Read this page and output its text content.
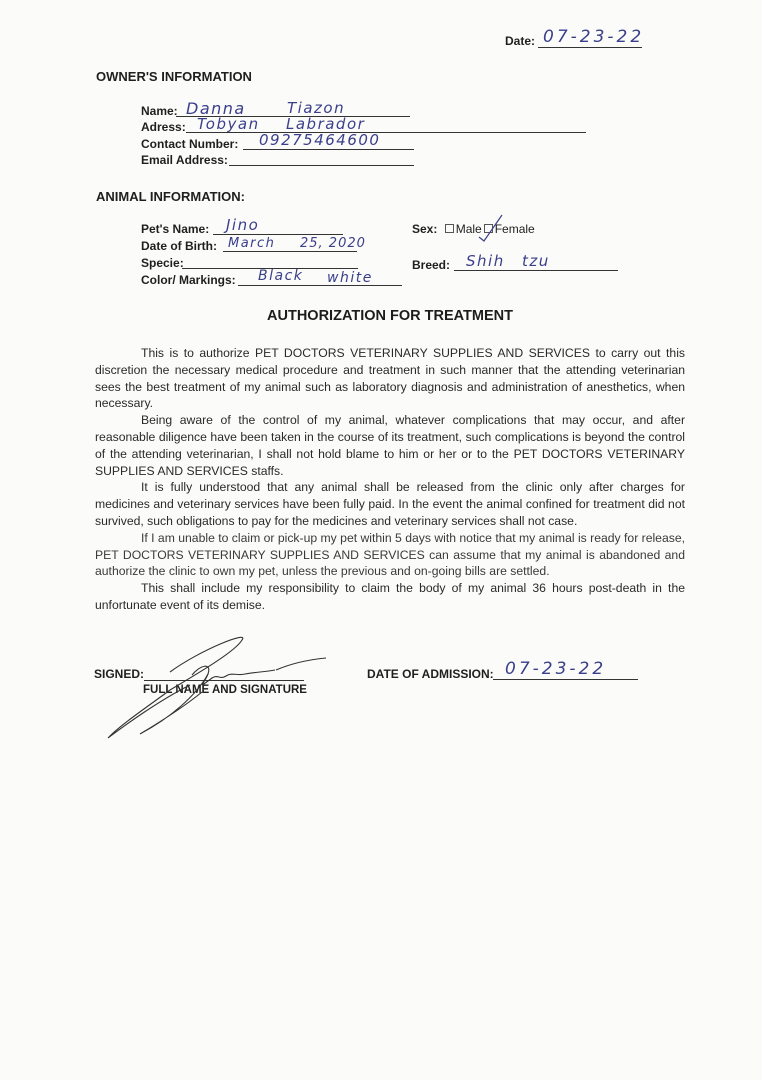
Date: 07-23-22
OWNER'S INFORMATION
Name: Danna	Tiazon
Adress: Tobyan Labrador
Contact Number: 09275464600
Email Address:
ANIMAL INFORMATION:
Pet's Name: Jino
Date of Birth: March 25, 2020
Specie:
Color/ Markings: Black white
Sex: Male Female
Breed: Shih tzu
AUTHORIZATION FOR TREATMENT

This is to authorize PET DOCTORS VETERINARY SUPPLIES AND SERVICES to carry out this discretion the necessary medical procedure and treatment in such manner that the attending veterinarian sees the best treatment of my animal such as laboratory diagnosis and administration of anesthetics, when necessary.

Being aware of the control of my animal, whatever complications that may occur, and after reasonable diligence have been taken in the course of its treatment, such complications is beyond the control of the attending veterinarian, I shall not hold blame to him or her or to the PET DOCTORS VETERINARY SUPPLIES AND SERVICES staffs.

It is fully understood that any animal shall be released from the clinic only after charges for medicines and veterinary services have been fully paid. In the event the animal confined for treatment did not survived, such obligations to pay for the medicines and veterinary services shall not case.

If I am unable to claim or pick-up my pet within 5 days with notice that my animal is ready for release, PET DOCTORS VETERINARY SUPPLIES AND SERVICES can assume that my animal is abandoned and authorize the clinic to own my pet, unless the previous and on-going bills are settled.

This shall include my responsibility to claim the body of my animal 36 hours post-death in the unfortunate event of its demise.

SIGNED:
FULL NAME AND SIGNATURE
DATE OF ADMISSION: 07-23-22
